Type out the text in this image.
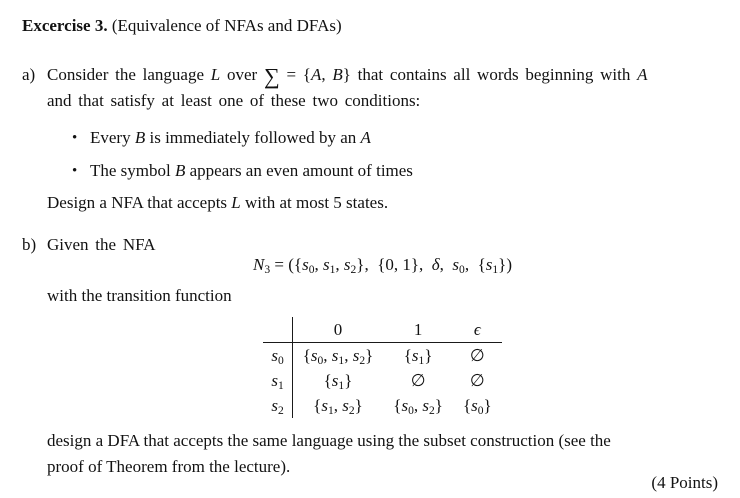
Excercise 3. (Equivalence of NFAs and DFAs)
a) Consider the language L over ∑ = {A, B} that contains all words beginning with A
and that satisfy at least one of these two conditions:
• Every B is immediately followed by an A
• The symbol B appears an even amount of times
Design a NFA that accepts L with at most 5 states.
b) Given the NFA
$N_3 = (\{s_0$, $s_1$, $s_2$},  {0, 1},  δ,  $s_0$,  $\{s_1\}$)
with the transition function
	0	1	ϵ
$s_0$	{$s_0$, $s_1$, $s_2$}	$\{s_1\}$	∅
$s_1$	$\{s_1\}$	∅	∅
$s_2$	{$s_1$, $s_2$}	{$s_0$, $s_2$}	$\{s_0\}$
design a DFA that accepts the same language using the subset construction (see the
proof of Theorem from the lecture).
(4 Points)
